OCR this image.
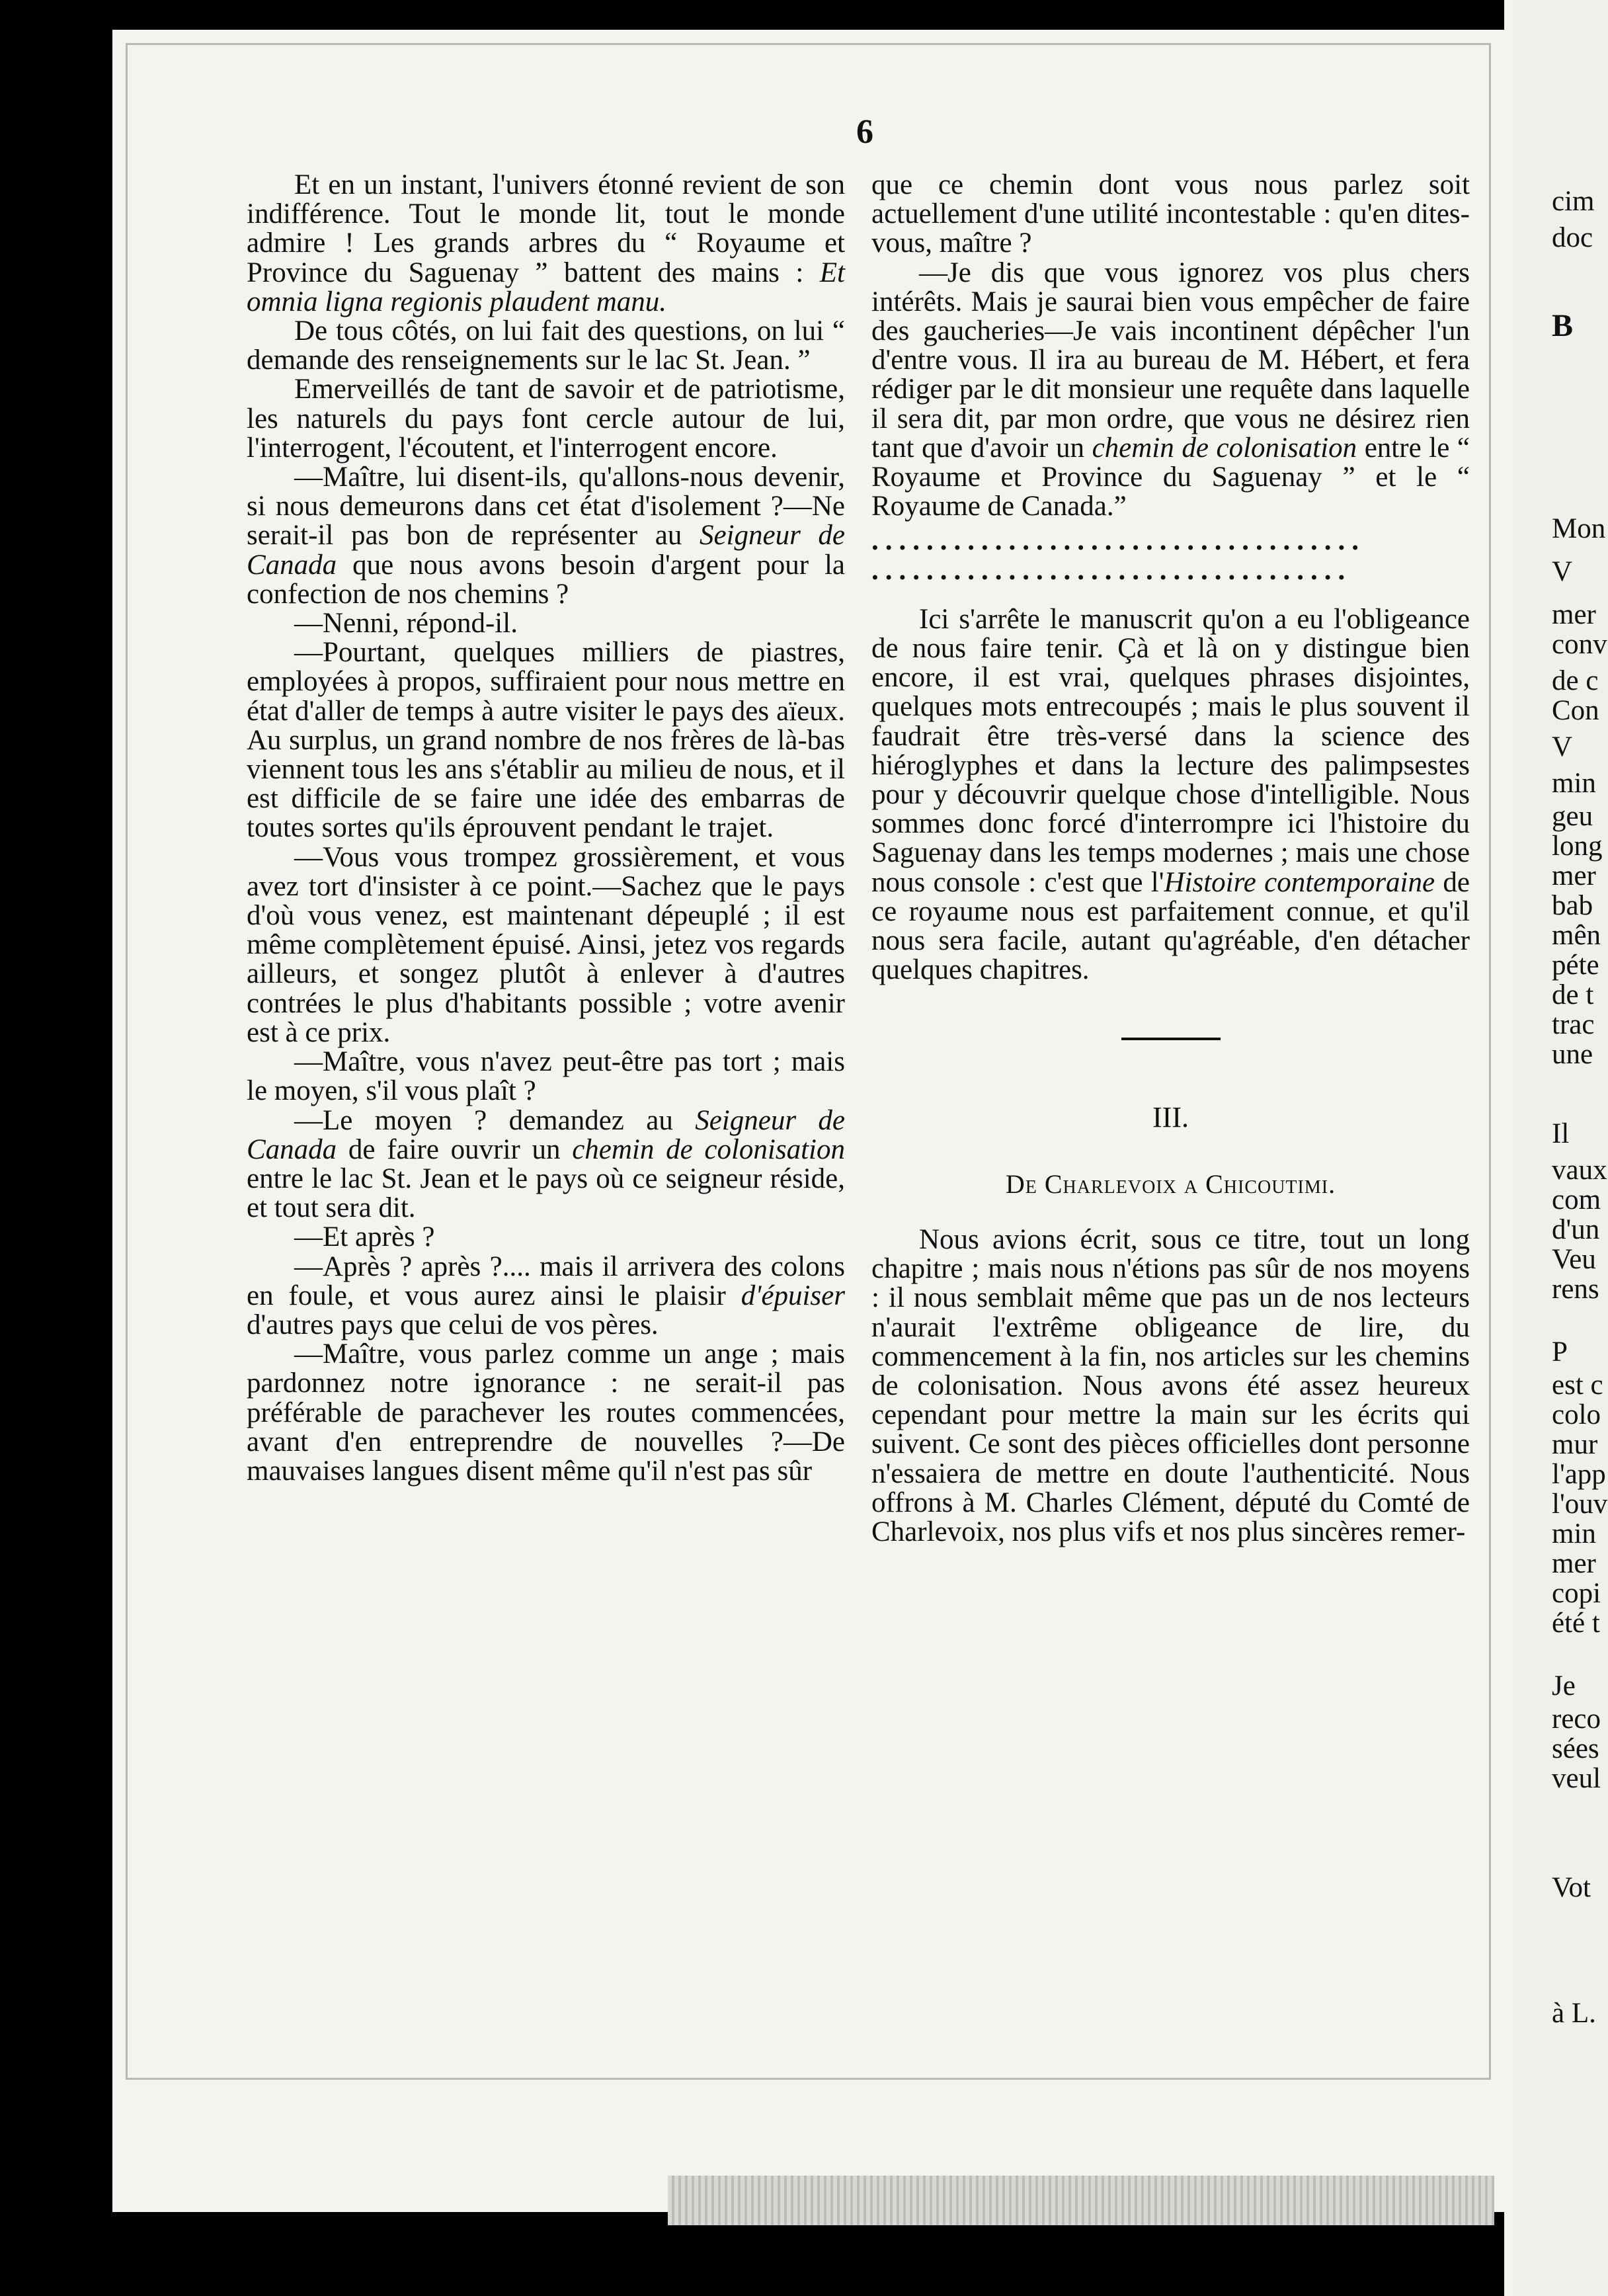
6

Et en un instant, l'univers étonné revient de son indifférence. Tout le monde lit, tout le monde admire ! Les grands arbres du “ Royaume et Province du Saguenay ” battent des mains : Et omnia ligna regionis plaudent manu.

De tous côtés, on lui fait des questions, on lui “ demande des renseignements sur le lac St. Jean. ”

Emerveillés de tant de savoir et de patriotisme, les naturels du pays font cercle autour de lui, l'interrogent, l'écoutent, et l'interrogent encore.

—Maître, lui disent-ils, qu'allons-nous devenir, si nous demeurons dans cet état d'isolement ?—Ne serait-il pas bon de représenter au Seigneur de Canada que nous avons besoin d'argent pour la confection de nos chemins ?

—Nenni, répond-il.

—Pourtant, quelques milliers de piastres, employées à propos, suffiraient pour nous mettre en état d'aller de temps à autre visiter le pays des aïeux. Au surplus, un grand nombre de nos frères de là-bas viennent tous les ans s'établir au milieu de nous, et il est difficile de se faire une idée des embarras de toutes sortes qu'ils éprouvent pendant le trajet.

—Vous vous trompez grossièrement, et vous avez tort d'insister à ce point.—Sachez que le pays d'où vous venez, est maintenant dépeuplé ; il est même complètement épuisé. Ainsi, jetez vos regards ailleurs, et songez plutôt à enlever à d'autres contrées le plus d'habitants possible ; votre avenir est à ce prix.

—Maître, vous n'avez peut-être pas tort ; mais le moyen, s'il vous plaît ?

—Le moyen ? demandez au Seigneur de Canada de faire ouvrir un chemin de colonisation entre le lac St. Jean et le pays où ce seigneur réside, et tout sera dit.

—Et après ?

—Après ? après ?.... mais il arrivera des colons en foule, et vous aurez ainsi le plaisir d'épuiser d'autres pays que celui de vos pères.

—Maître, vous parlez comme un ange ; mais pardonnez notre ignorance : ne serait-il pas préférable de parachever les routes commencées, avant d'en entreprendre de nouvelles ?—De mauvaises langues disent même qu'il n'est pas sûr

que ce chemin dont vous nous parlez soit actuellement d'une utilité incontestable : qu'en dites-vous, maître ?

—Je dis que vous ignorez vos plus chers intérêts. Mais je saurai bien vous empêcher de faire des gaucheries—Je vais incontinent dépêcher l'un d'entre vous. Il ira au bureau de M. Hébert, et fera rédiger par le dit monsieur une requête dans laquelle il sera dit, par mon ordre, que vous ne désirez rien tant que d'avoir un chemin de colonisation entre le “ Royaume et Province du Saguenay ” et le “ Royaume de Canada.”

....................................

...................................

Ici s'arrête le manuscrit qu'on a eu l'obligeance de nous faire tenir. Çà et là on y distingue bien encore, il est vrai, quelques phrases disjointes, quelques mots entrecoupés ; mais le plus souvent il faudrait être très-versé dans la science des hiéroglyphes et dans la lecture des palimpsestes pour y découvrir quelque chose d'intelligible. Nous sommes donc forcé d'interrompre ici l'histoire du Saguenay dans les temps modernes ; mais une chose nous console : c'est que l'Histoire contemporaine de ce royaume nous est parfaitement connue, et qu'il nous sera facile, autant qu'agréable, d'en détacher quelques chapitres.

III.

De Charlevoix a Chicoutimi.

Nous avions écrit, sous ce titre, tout un long chapitre ; mais nous n'étions pas sûr de nos moyens : il nous semblait même que pas un de nos lecteurs n'aurait l'extrême obligeance de lire, du commencement à la fin, nos articles sur les chemins de colonisation. Nous avons été assez heureux cependant pour mettre la main sur les écrits qui suivent. Ce sont des pièces officielles dont personne n'essaiera de mettre en doute l'authenticité. Nous offrons à M. Charles Clément, député du Comté de Charlevoix, nos plus vifs et nos plus sincères remer-

cim
doc
B
Mon
V
mer
conv
de c
Con
V
min
geu
long
mer
bab
mên
péte
de t
trac
une
Il
vaux
com
d'un
Veu
rens
P
est c
colo
mur
l'app
l'ouv
min
mer
copi
été t
Je
reco
sées
veul
Vot
à L.
